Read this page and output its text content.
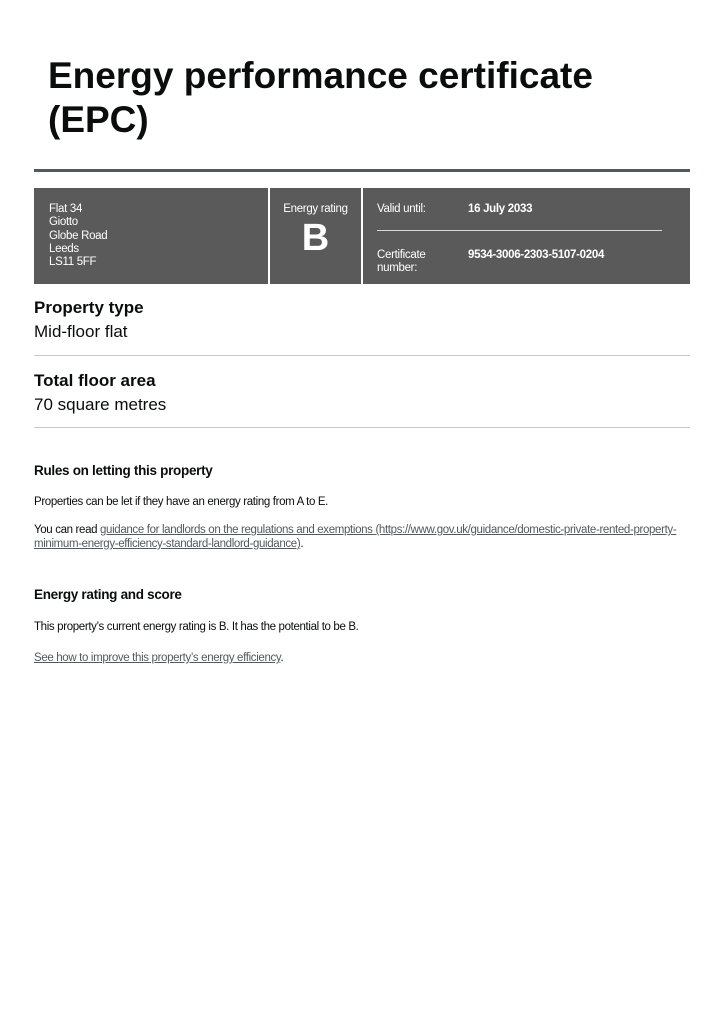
Energy performance certificate (EPC)
Flat 34
Giotto
Globe Road
Leeds
LS11 5FF
Energy rating
B
Valid until:	16 July 2033
Certificate number:
9534-3006-2303-5107-0204
Property type

Mid-floor flat

Total floor area

70 square metres

Rules on letting this property

Properties can be let if they have an energy rating from A to E.

You can read guidance for landlords on the regulations and exemptions (https://www.gov.uk/guidance/domestic-private-rented-property-minimum-energy-efficiency-standard-landlord-guidance).

Energy rating and score

This property’s current energy rating is B. It has the potential to be B.

See how to improve this property’s energy efficiency.
